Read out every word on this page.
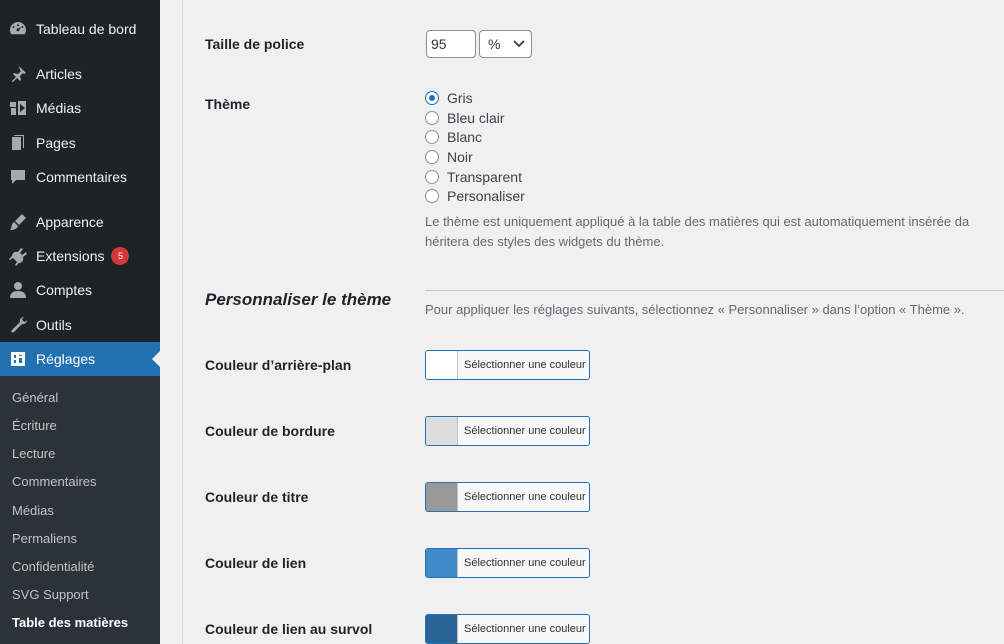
Tableau de bord
Articles
Médias
Pages
Commentaires
Apparence
Extensions	5
Comptes
Outils
Réglages
Général
Écriture
Lecture
Commentaires
Médias
Permaliens
Confidentialité
SVG Support
Table des matières
Taille de police	95	%
Thème	Gris
Bleu clair
Blanc
Noir
Transparent
Personaliser
Le thème est uniquement appliqué à la table des matières qui est automatiquement insérée da
héritera des styles des widgets du thème.
Personnaliser le thème
Pour appliquer les réglages suivants, sélectionnez « Personnaliser » dans l’option « Thème ».
Couleur d’arrière-plan	Sélectionner une couleur
Couleur de bordure	Sélectionner une couleur
Couleur de titre	Sélectionner une couleur
Couleur de lien	Sélectionner une couleur
Couleur de lien au survol	Sélectionner une couleur
